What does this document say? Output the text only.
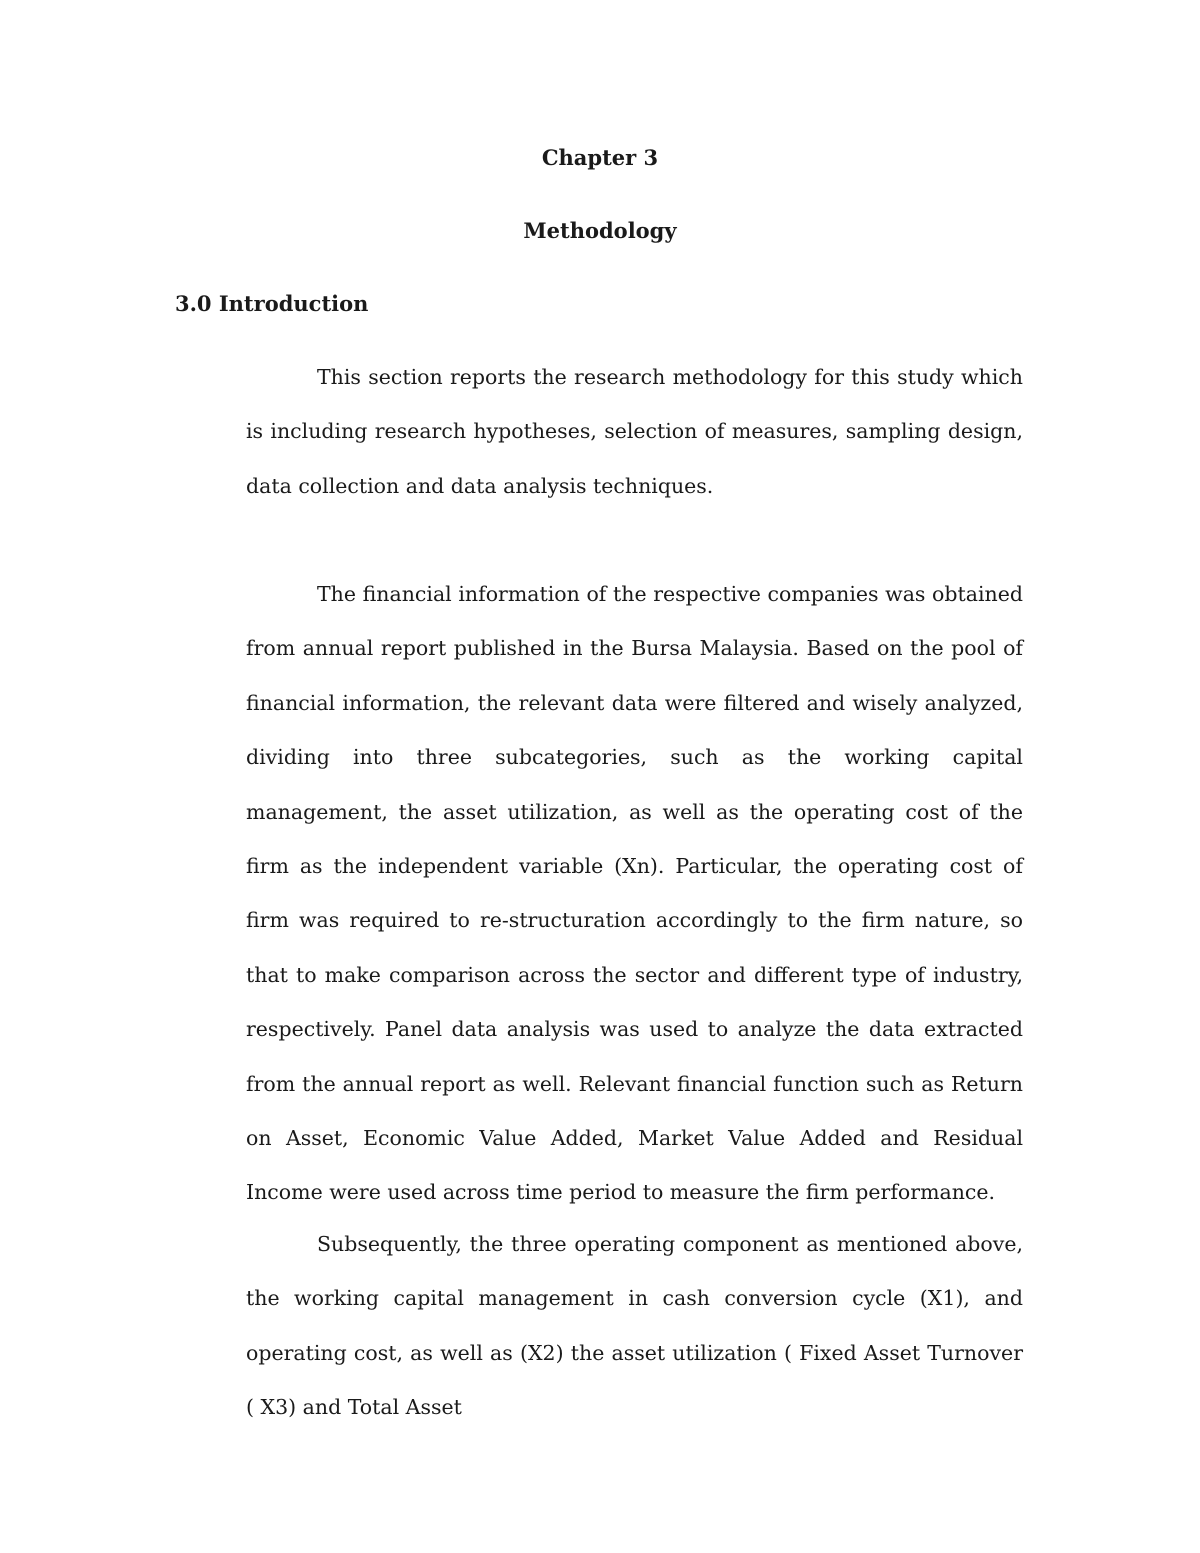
Chapter 3
Methodology
3.0 Introduction

This section reports the research methodology for this study which is including research hypotheses, selection of measures, sampling design, data collection and data analysis techniques.

The financial information of the respective companies was obtained from annual report published in the Bursa Malaysia. Based on the pool of financial information, the relevant data were filtered and wisely analyzed, dividing into three subcategories, such as the working capital management, the asset utilization, as well as the operating cost of the firm as the independent variable (Xn). Particular, the operating cost of firm was required to re-structuration accordingly to the firm nature, so that to make comparison across the sector and different type of industry, respectively. Panel data analysis was used to analyze the data extracted from the annual report as well. Relevant financial function such as Return on Asset, Economic Value Added, Market Value Added and Residual Income were used across time period to measure the firm performance.

Subsequently, the three operating component as mentioned above, the working capital management in cash conversion cycle (X1), and operating cost, as well as (X2) the asset utilization ( Fixed Asset Turnover ( X3) and Total Asset
